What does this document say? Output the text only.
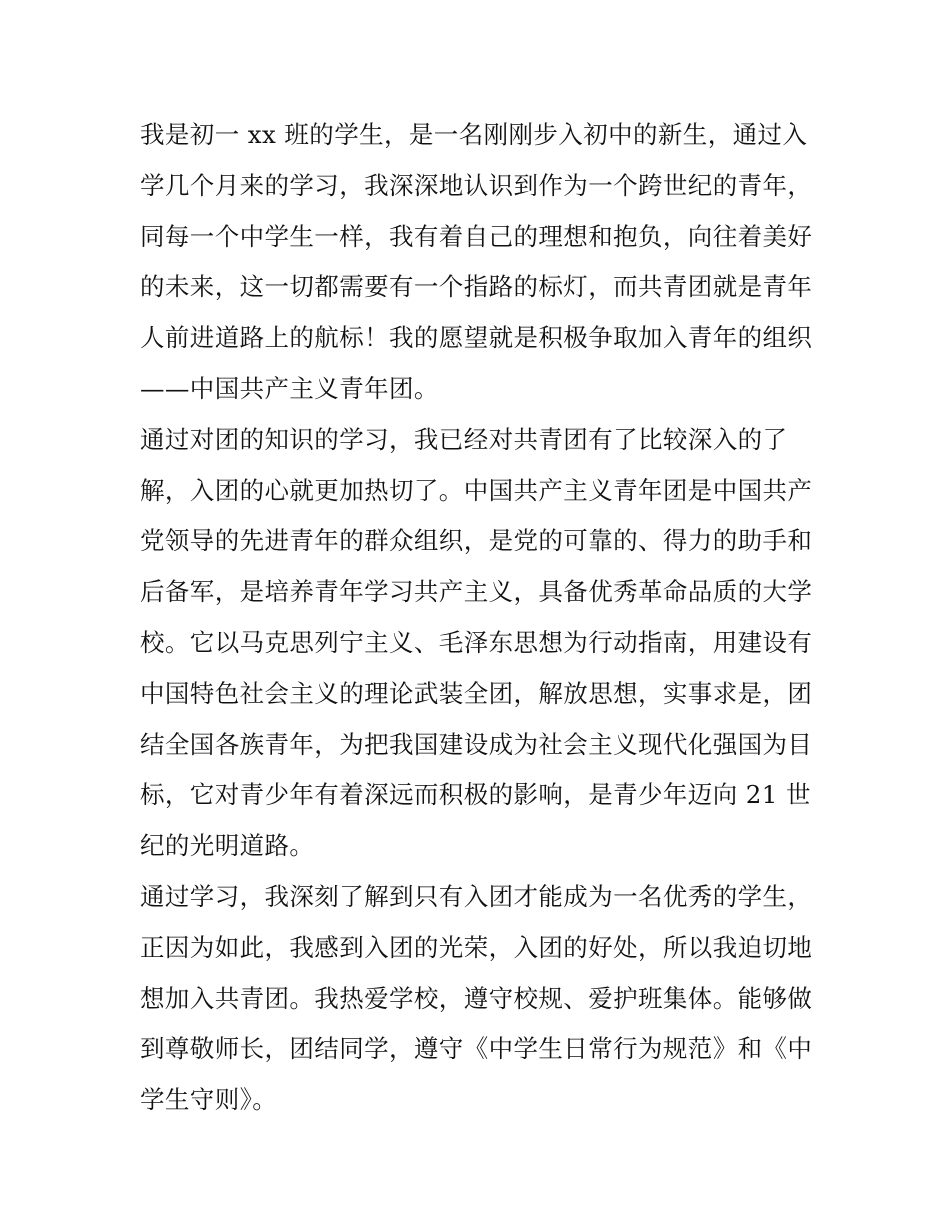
我是初一 xx 班的学生，是一名刚刚步入初中的新生，通过入
学几个月来的学习，我深深地认识到作为一个跨世纪的青年，
同每一个中学生一样，我有着自己的理想和抱负，向往着美好
的未来，这一切都需要有一个指路的标灯，而共青团就是青年
人前进道路上的航标！我的愿望就是积极争取加入青年的组织
——中国共产主义青年团。

通过对团的知识的学习，我已经对共青团有了比较深入的了
解，入团的心就更加热切了。中国共产主义青年团是中国共产
党领导的先进青年的群众组织，是党的可靠的、得力的助手和
后备军，是培养青年学习共产主义，具备优秀革命品质的大学
校。它以马克思列宁主义、毛泽东思想为行动指南，用建设有
中国特色社会主义的理论武装全团，解放思想，实事求是，团
结全国各族青年，为把我国建设成为社会主义现代化强国为目
标，它对青少年有着深远而积极的影响，是青少年迈向 21 世
纪的光明道路。

通过学习，我深刻了解到只有入团才能成为一名优秀的学生，
正因为如此，我感到入团的光荣，入团的好处，所以我迫切地
想加入共青团。我热爱学校，遵守校规、爱护班集体。能够做
到尊敬师长，团结同学，遵守《中学生日常行为规范》和《中
学生守则》。
